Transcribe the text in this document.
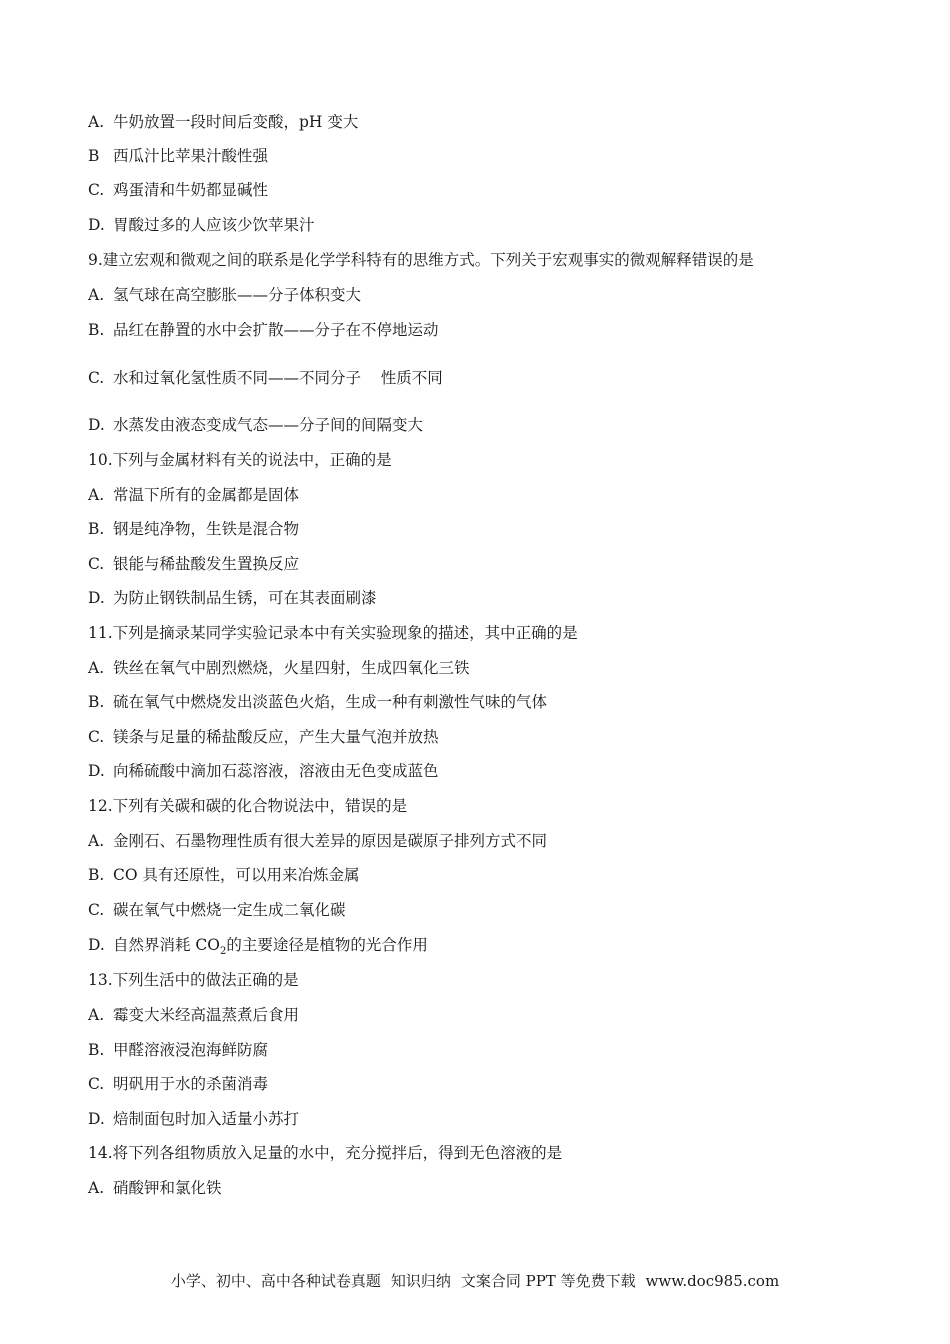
A. 牛奶放置一段时间后变酸，pH 变大
B 西瓜汁比苹果汁酸性强
C. 鸡蛋清和牛奶都显碱性
D. 胃酸过多的人应该少饮苹果汁
9.建立宏观和微观之间的联系是化学学科特有的思维方式。下列关于宏观事实的微观解释错误的是
A. 氢气球在高空膨胀——分子体积变大
B. 品红在静置的水中会扩散——分子在不停地运动
C. 水和过氧化氢性质不同——不同分子    性质不同
D. 水蒸发由液态变成气态——分子间的间隔变大
10.下列与金属材料有关的说法中，正确的是
A. 常温下所有的金属都是固体
B. 钢是纯净物，生铁是混合物
C. 银能与稀盐酸发生置换反应
D. 为防止钢铁制品生锈，可在其表面刷漆
11.下列是摘录某同学实验记录本中有关实验现象的描述，其中正确的是
A. 铁丝在氧气中剧烈燃烧，火星四射，生成四氧化三铁
B. 硫在氧气中燃烧发出淡蓝色火焰，生成一种有刺激性气味的气体
C. 镁条与足量的稀盐酸反应，产生大量气泡并放热
D. 向稀硫酸中滴加石蕊溶液，溶液由无色变成蓝色
12.下列有关碳和碳的化合物说法中，错误的是
A. 金刚石、石墨物理性质有很大差异的原因是碳原子排列方式不同
B. CO 具有还原性，可以用来冶炼金属
C. 碳在氧气中燃烧一定生成二氧化碳
D. 自然界消耗 $CO_2$的主要途径是植物的光合作用
13.下列生活中的做法正确的是
A. 霉变大米经高温蒸煮后食用
B. 甲醛溶液浸泡海鲜防腐
C. 明矾用于水的杀菌消毒
D. 焙制面包时加入适量小苏打
14.将下列各组物质放入足量的水中，充分搅拌后，得到无色溶液的是
A. 硝酸钾和氯化铁
小学、初中、高中各种试卷真题 知识归纳 文案合同 PPT 等免费下载 www.doc985.com
